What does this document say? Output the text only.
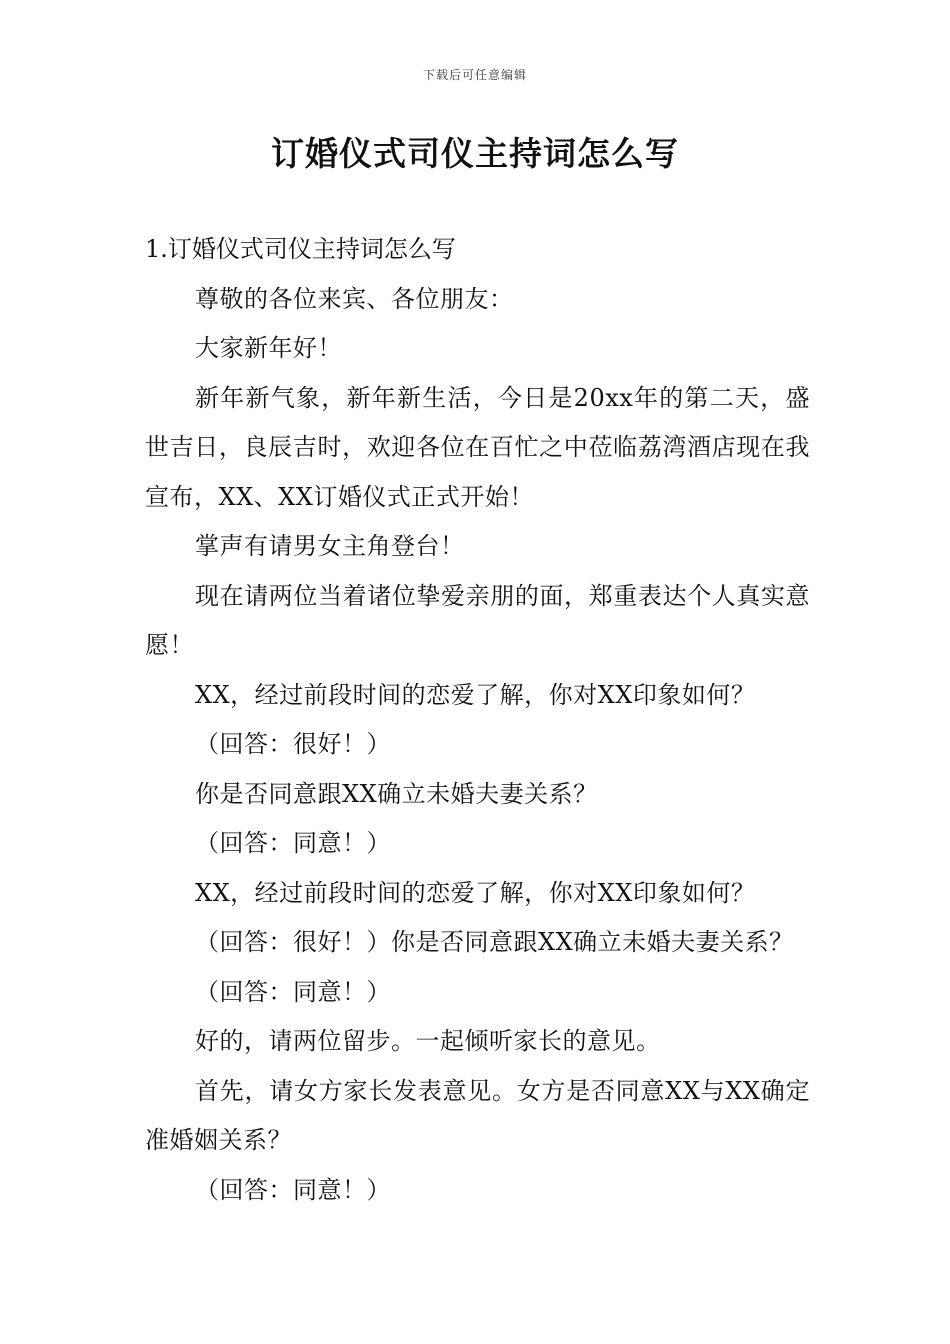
下载后可任意编辑
订婚仪式司仪主持词怎么写
1.订婚仪式司仪主持词怎么写

尊敬的各位来宾、各位朋友：

大家新年好！

新年新气象，新年新生活，今日是20xx年的第二天，盛世吉日，良辰吉时，欢迎各位在百忙之中莅临荔湾酒店现在我宣布，XX、XX订婚仪式正式开始！

掌声有请男女主角登台！

现在请两位当着诸位挚爱亲朋的面，郑重表达个人真实意愿！

XX，经过前段时间的恋爱了解，你对XX印象如何？

（回答：很好！）

你是否同意跟XX确立未婚夫妻关系？

（回答：同意！）

XX，经过前段时间的恋爱了解，你对XX印象如何？

（回答：很好！）你是否同意跟XX确立未婚夫妻关系？

（回答：同意！）

好的，请两位留步。一起倾听家长的意见。

首先，请女方家长发表意见。女方是否同意XX与XX确定准婚姻关系？

（回答：同意！）
